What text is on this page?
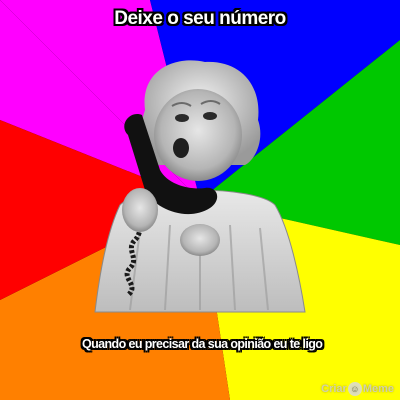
Deixe o seu número
Quando eu precisar da sua opinião eu te ligo
Criar ☺ Meme
